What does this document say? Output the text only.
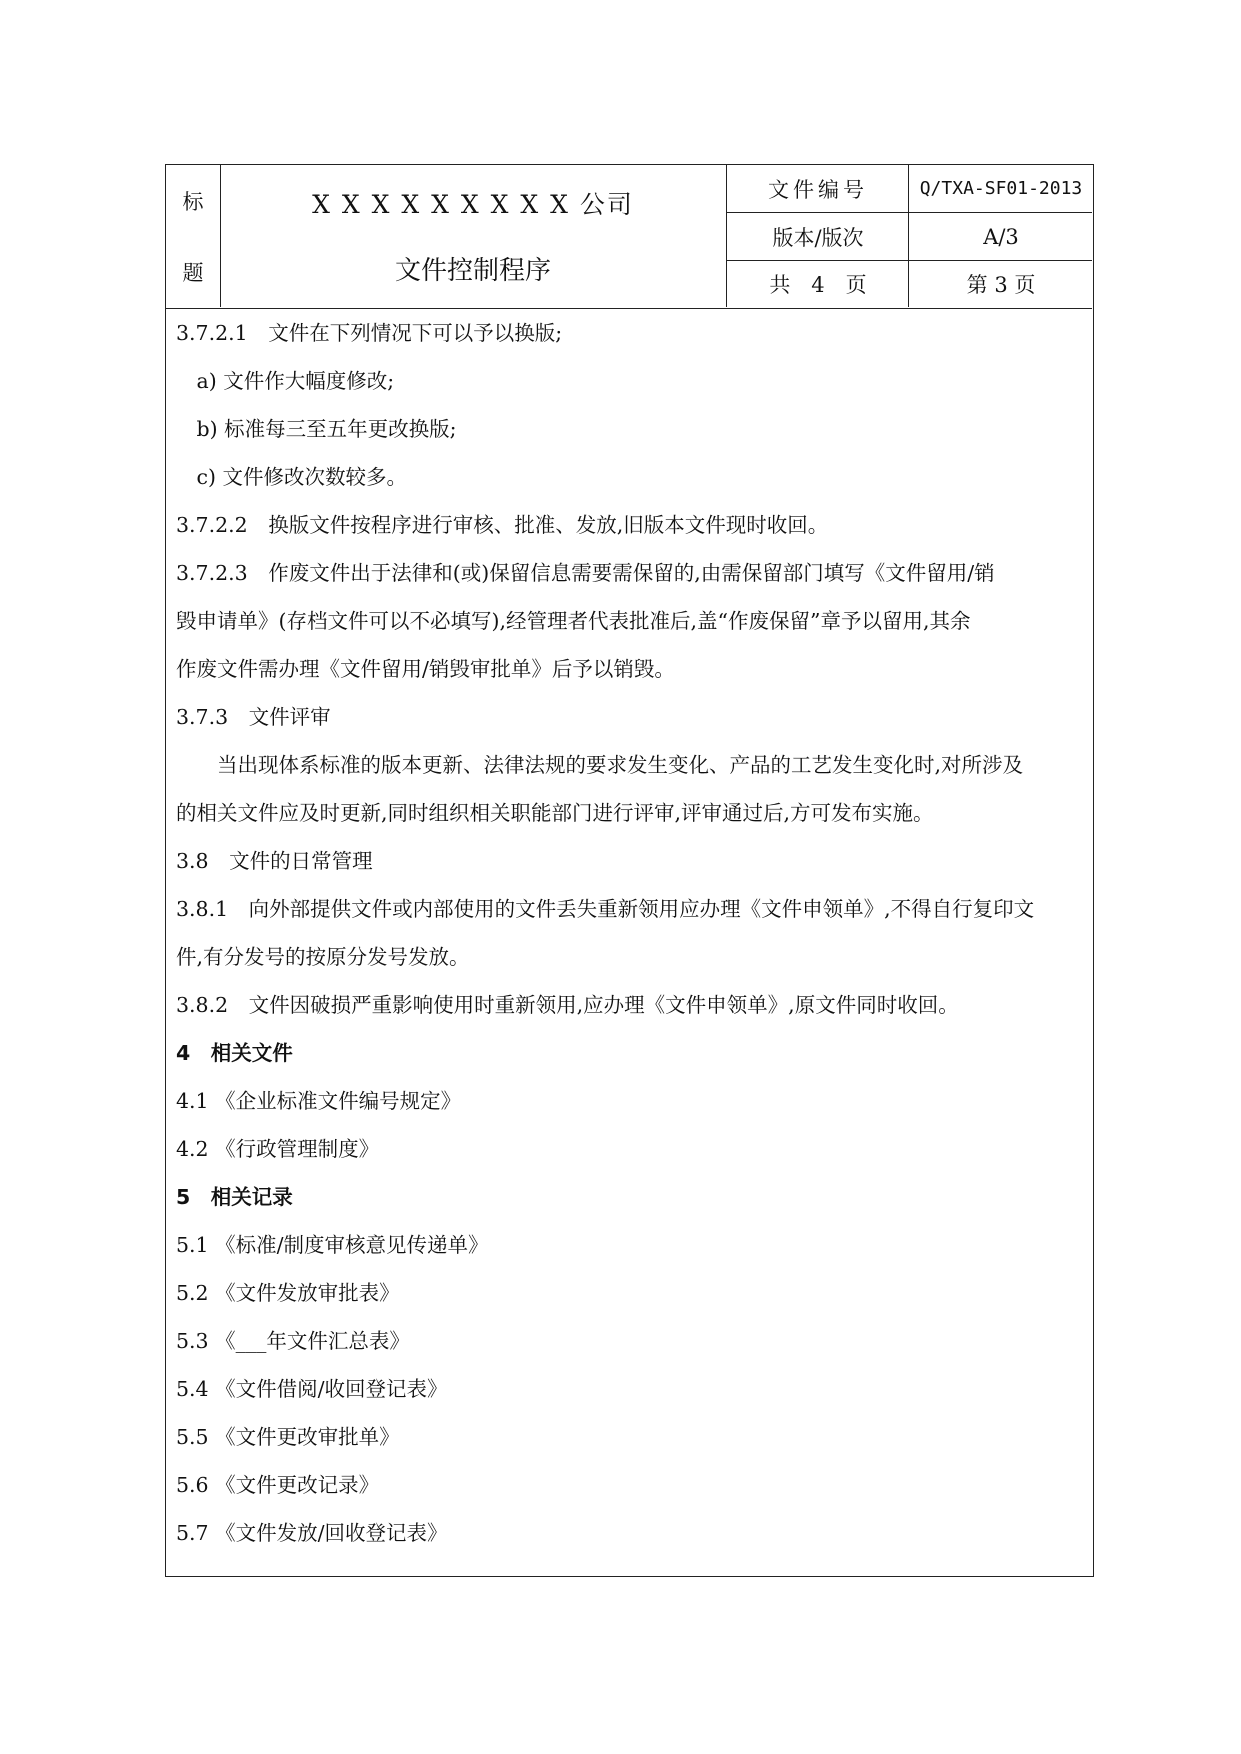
标
题
X X X X X X X X X 公司
文件控制程序
文件编号	Q/TXA-SF01-2013
版本/版次	A/3
共　4　页	第 3 页
3.7.2.1　文件在下列情况下可以予以换版;
　a) 文件作大幅度修改;
　b) 标准每三至五年更改换版;
　c) 文件修改次数较多。
3.7.2.2　换版文件按程序进行审核、批准、发放,旧版本文件现时收回。
3.7.2.3　作废文件出于法律和(或)保留信息需要需保留的,由需保留部门填写《文件留用/销
毁申请单》(存档文件可以不必填写),经管理者代表批准后,盖“作废保留”章予以留用,其余
作废文件需办理《文件留用/销毁审批单》后予以销毁。
3.7.3　文件评审
　　当出现体系标准的版本更新、法律法规的要求发生变化、产品的工艺发生变化时,对所涉及
的相关文件应及时更新,同时组织相关职能部门进行评审,评审通过后,方可发布实施。
3.8　文件的日常管理
3.8.1　向外部提供文件或内部使用的文件丢失重新领用应办理《文件申领单》,不得自行复印文
件,有分发号的按原分发号发放。
3.8.2　文件因破损严重影响使用时重新领用,应办理《文件申领单》,原文件同时收回。
4　相关文件
4.1 《企业标准文件编号规定》
4.2 《行政管理制度》
5　相关记录
5.1 《标准/制度审核意见传递单》
5.2 《文件发放审批表》
5.3 《___年文件汇总表》
5.4 《文件借阅/收回登记表》
5.5 《文件更改审批单》
5.6 《文件更改记录》
5.7 《文件发放/回收登记表》
